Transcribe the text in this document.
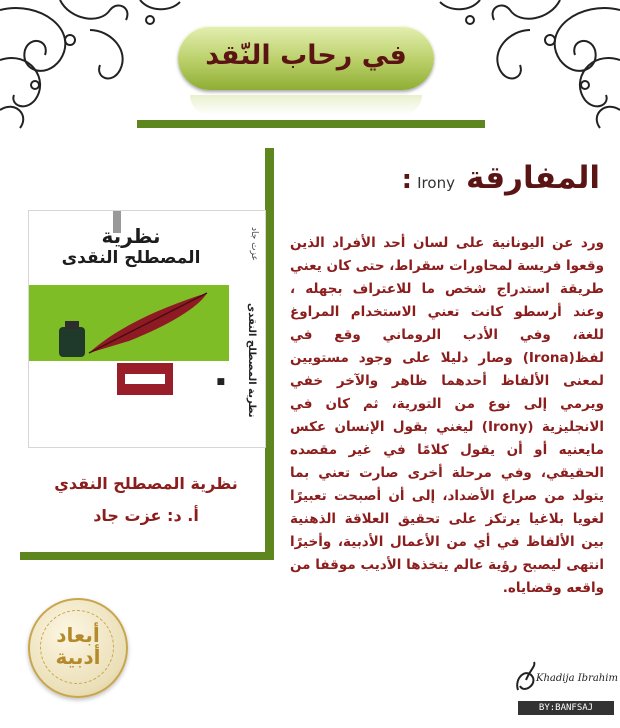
في رحاب النّقد
المفارقة Irony :
ورد عن اليونانية على لسان أحد الأفراد الذين وقعوا فريسة لمحاورات سقراط، حتى كان يعني طريقة استدراج شخص ما للاعتراف بجهله ، وعند أرسطو كانت تعني الاستخدام المراوغ للغة، وفي الأدب الروماني وقع في لفظ(Irona) وصار دليلا على وجود مستويين لمعنى الألفاظ أحدهما ظاهر والآخر خفي ويرمي إلى نوع من التورية، ثم كان في الانجليزية (Irony) ليغني بقول الإنسان عكس مايعنيه أو أن يقول كلامًا في غير مقصده الحقيقي، وفي مرحلة أخرى صارت تعني بما يتولد من صراع الأضداد، إلى أن أصبحت تعبيرًا لغويا بلاغيا يرتكز على تحقيق العلاقة الذهنية بين الألفاظ في أي من الأعمال الأدبية، وأخيرًا انتهى ليصبح رؤية عالم يتخذها الأديب موقفا من واقعه وقضاياه.
نظرية
المصطلح النقدى
■
عزت جاد
نظرية المصطلح النقدى
نظرية المصطلح النقدي
أ. د: عزت جاد
أبعاد
أدبية
Khadija Ibrahim
BY:BANFSAJ
